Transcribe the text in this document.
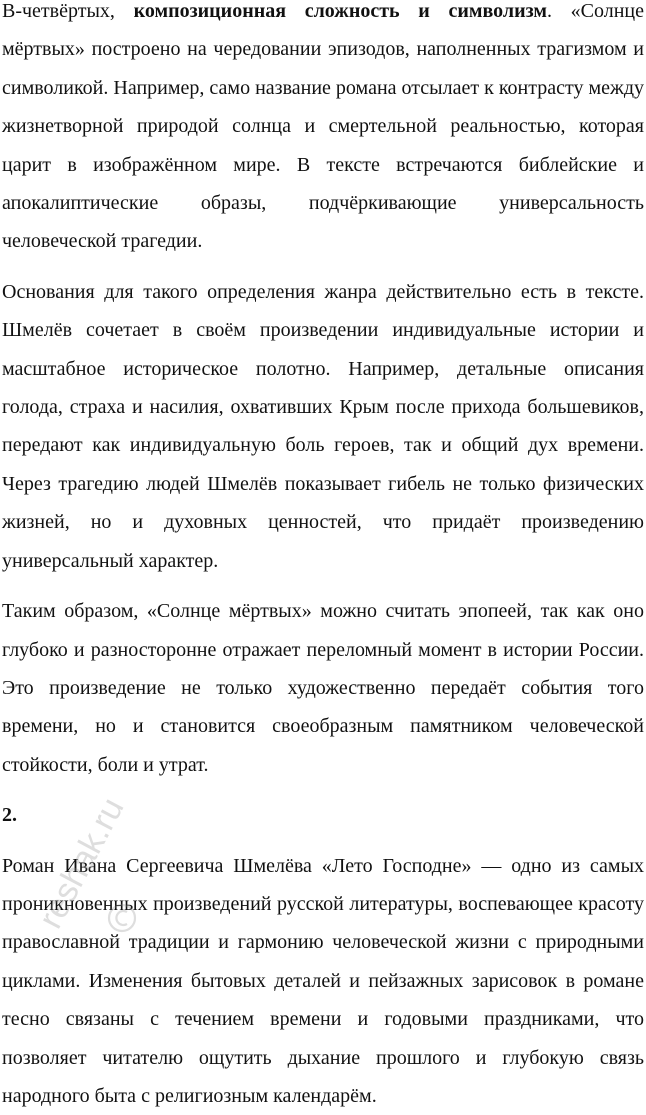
В-четвёртых, композиционная сложность и символизм. «Солнце мёртвых» построено на чередовании эпизодов, наполненных трагизмом и символикой. Например, само название романа отсылает к контрасту между жизнетворной природой солнца и смертельной реальностью, которая царит в изображённом мире. В тексте встречаются библейские и апокалиптические образы, подчёркивающие универсальность человеческой трагедии.

Основания для такого определения жанра действительно есть в тексте. Шмелёв сочетает в своём произведении индивидуальные истории и масштабное историческое полотно. Например, детальные описания голода, страха и насилия, охвативших Крым после прихода большевиков, передают как индивидуальную боль героев, так и общий дух времени. Через трагедию людей Шмелёв показывает гибель не только физических жизней, но и духовных ценностей, что придаёт произведению универсальный характер.

Таким образом, «Солнце мёртвых» можно считать эпопеей, так как оно глубоко и разносторонне отражает переломный момент в истории России. Это произведение не только художественно передаёт события того времени, но и становится своеобразным памятником человеческой стойкости, боли и утрат.

2.

Роман Ивана Сергеевича Шмелёва «Лето Господне» — одно из самых проникновенных произведений русской литературы, воспевающее красоту православной традиции и гармонию человеческой жизни с природными циклами. Изменения бытовых деталей и пейзажных зарисовок в романе тесно связаны с течением времени и годовыми праздниками, что позволяет читателю ощутить дыхание прошлого и глубокую связь народного быта с религиозным календарём.

reshak.ru
